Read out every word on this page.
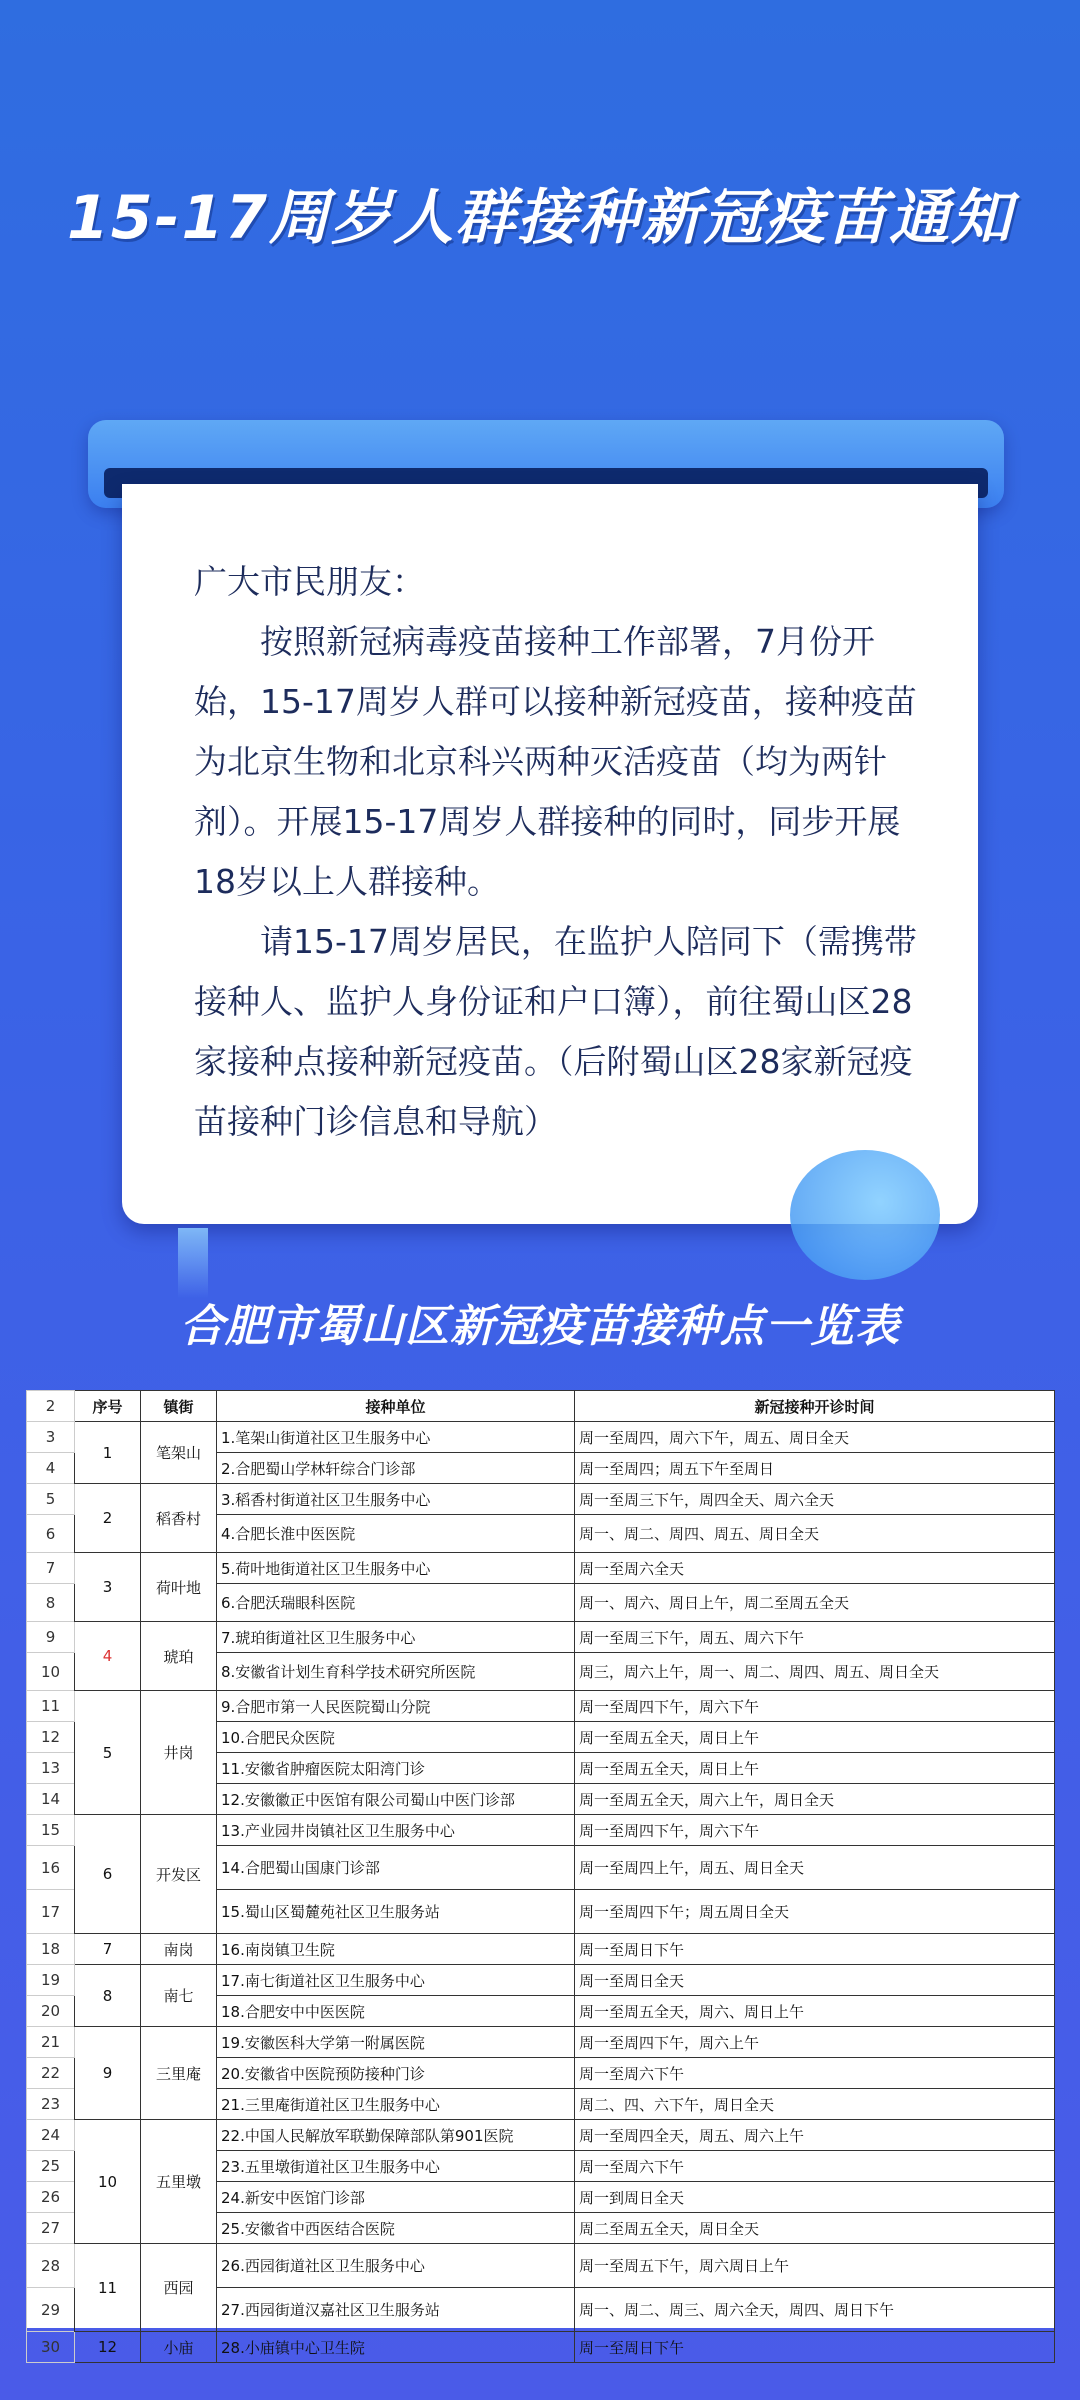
15-17周岁人群接种新冠疫苗通知

广大市民朋友：

按照新冠病毒疫苗接种工作部署，7月份开始，15-17周岁人群可以接种新冠疫苗，接种疫苗为北京生物和北京科兴两种灭活疫苗（均为两针剂）。开展15-17周岁人群接种的同时，同步开展18岁以上人群接种。

请15-17周岁居民，在监护人陪同下（需携带接种人、监护人身份证和户口簿），前往蜀山区28家接种点接种新冠疫苗。（后附蜀山区28家新冠疫苗接种门诊信息和导航）

合肥市蜀山区新冠疫苗接种点一览表
2	序号	镇街	接种单位	新冠接种开诊时间
3	1	笔架山	1.笔架山街道社区卫生服务中心	周一至周四，周六下午，周五、周日全天
4			2.合肥蜀山学林轩综合门诊部	周一至周四；周五下午至周日
5	2	稻香村	3.稻香村街道社区卫生服务中心	周一至周三下午，周四全天、周六全天
6			4.合肥长淮中医医院	周一、周二、周四、周五、周日全天
7	3	荷叶地	5.荷叶地街道社区卫生服务中心	周一至周六全天
8			6.合肥沃瑞眼科医院	周一、周六、周日上午，周二至周五全天
9	4	琥珀	7.琥珀街道社区卫生服务中心	周一至周三下午，周五、周六下午
10			8.安徽省计划生育科学技术研究所医院	周三，周六上午，周一、周二、周四、周五、周日全天
11	5	井岗	9.合肥市第一人民医院蜀山分院	周一至周四下午，周六下午
12			10.合肥民众医院	周一至周五全天，周日上午
13			11.安徽省肿瘤医院太阳湾门诊	周一至周五全天，周日上午
14			12.安徽徽正中医馆有限公司蜀山中医门诊部	周一至周五全天，周六上午，周日全天
15	6	开发区	13.产业园井岗镇社区卫生服务中心	周一至周四下午，周六下午
16			14.合肥蜀山国康门诊部	周一至周四上午，周五、周日全天
17			15.蜀山区蜀麓苑社区卫生服务站	周一至周四下午；周五周日全天
18	7	南岗	16.南岗镇卫生院	周一至周日下午
19	8	南七	17.南七街道社区卫生服务中心	周一至周日全天
20			18.合肥安中中医医院	周一至周五全天，周六、周日上午
21	9	三里庵	19.安徽医科大学第一附属医院	周一至周四下午，周六上午
22			20.安徽省中医院预防接种门诊	周一至周六下午
23			21.三里庵街道社区卫生服务中心	周二、四、六下午，周日全天
24	10	五里墩	22.中国人民解放军联勤保障部队第901医院	周一至周四全天，周五、周六上午
25			23.五里墩街道社区卫生服务中心	周一至周六下午
26			24.新安中医馆门诊部	周一到周日全天
27			25.安徽省中西医结合医院	周二至周五全天，周日全天
28	11	西园	26.西园街道社区卫生服务中心	周一至周五下午，周六周日上午
29			27.西园街道汉嘉社区卫生服务站	周一、周二、周三、周六全天，周四、周日下午
30	12	小庙	28.小庙镇中心卫生院	周一至周日下午
